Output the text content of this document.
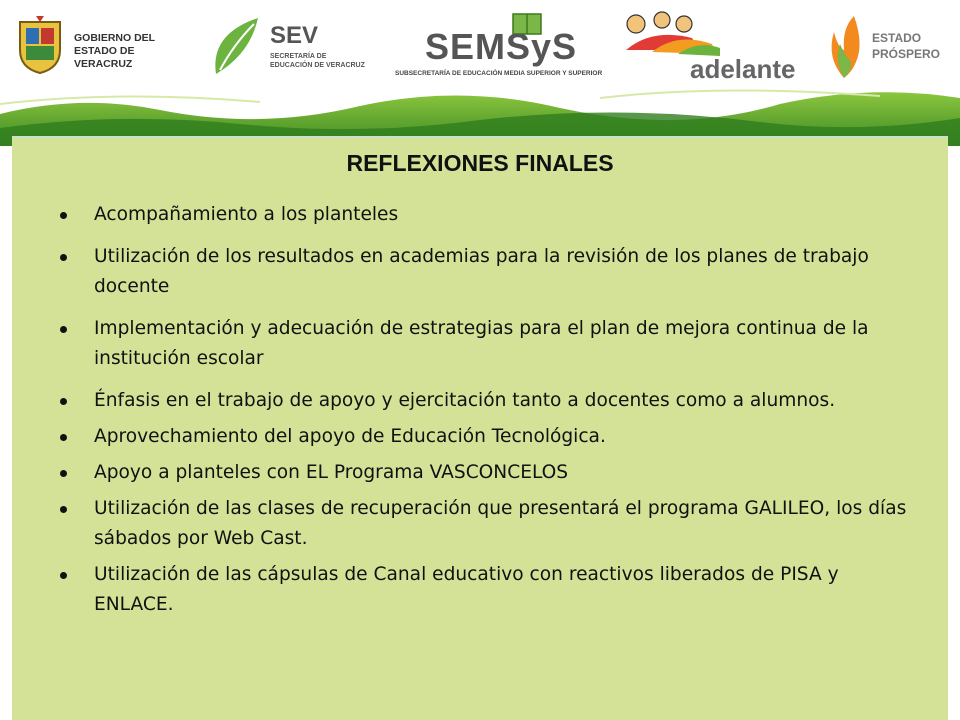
GOBIERNO DEL ESTADO DE VERACRUZ
SEV
SECRETARÍA DE EDUCACIÓN DE VERACRUZ SEMSyS
SUBSECRETARÍA DE EDUCACIÓN MEDIA SUPERIOR Y SUPERIOR	adelante
ESTADO PRÓSPERO
REFLEXIONES FINALES
Acompañamiento a los planteles
Utilización de los resultados en academias para la revisión de los planes de trabajo docente
Implementación y adecuación de estrategias para el plan de mejora continua de la institución escolar
Énfasis en el trabajo de apoyo y ejercitación tanto a docentes como a alumnos.
Aprovechamiento del apoyo de Educación Tecnológica.
Apoyo a planteles con EL Programa VASCONCELOS
Utilización de las clases de recuperación que presentará el programa GALILEO, los días sábados por Web Cast.
Utilización de las cápsulas de Canal educativo con reactivos liberados de PISA y ENLACE.
